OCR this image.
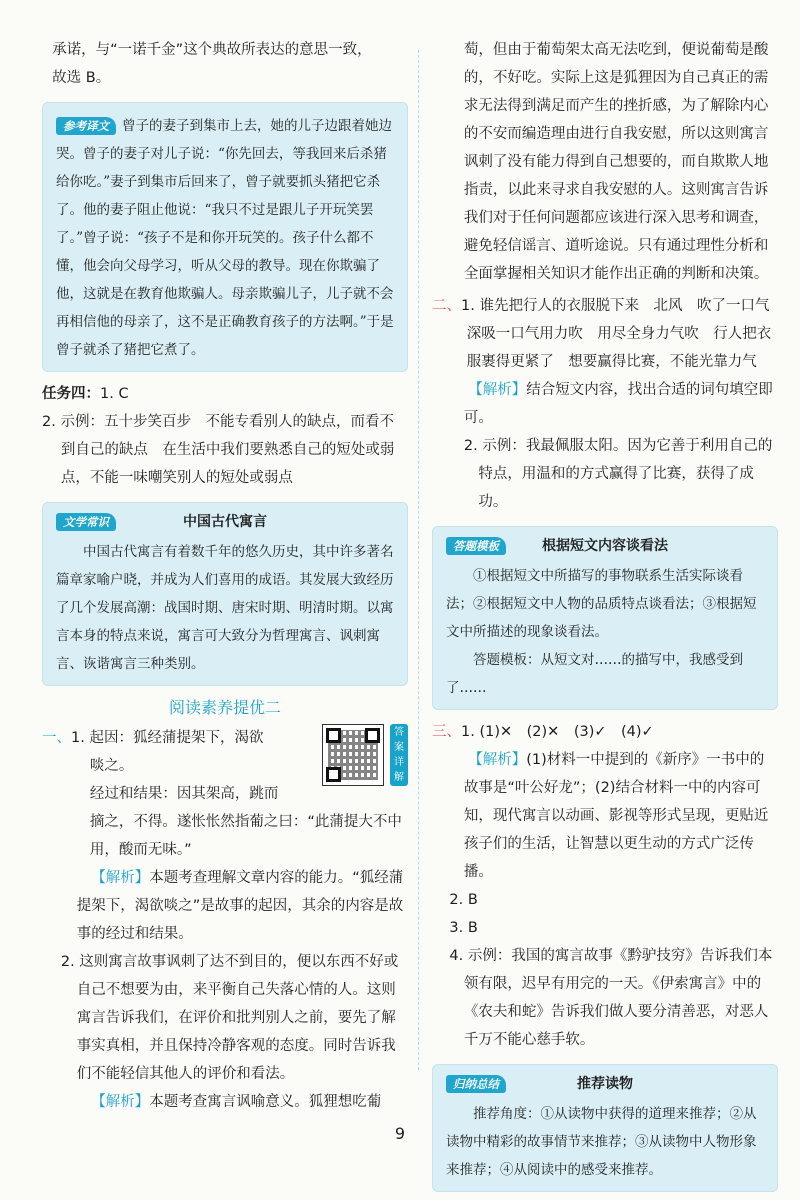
承诺，与“一诺千金”这个典故所表达的意思一致，

故选 B。

参考译文 曾子的妻子到集市上去，她的儿子边跟着她边哭。曾子的妻子对儿子说：“你先回去，等我回来后杀猪给你吃。”妻子到集市后回来了，曾子就要抓头猪把它杀了。他的妻子阻止他说：“我只不过是跟儿子开玩笑罢了。”曾子说：“孩子不是和你开玩笑的。孩子什么都不懂，他会向父母学习，听从父母的教导。现在你欺骗了他，这就是在教育他欺骗人。母亲欺骗儿子，儿子就不会再相信他的母亲了，这不是正确教育孩子的方法啊。”于是曾子就杀了猪把它煮了。

任务四：1. C

2. 示例：五十步笑百步　不能专看别人的缺点，而看不到自己的缺点　在生活中我们要熟悉自己的短处或弱点，不能一味嘲笑别人的短处或弱点

文学常识	中国古代寓言

中国古代寓言有着数千年的悠久历史，其中许多著名篇章家喻户晓，并成为人们喜用的成语。其发展大致经历了几个发展高潮：战国时期、唐宋时期、明清时期。以寓言本身的特点来说，寓言可大致分为哲理寓言、讽刺寓言、诙谐寓言三种类别。

阅读素养提优二
答
案
详
解

一、1. 起因：狐经蒲提架下，渴欲

啖之。

经过和结果：因其架高，跳而

摘之，不得。遂怅怅然指葡之曰：“此蒲提大不中用，酸而无味。”

【解析】本题考查理解文章内容的能力。“狐经蒲提架下，渴欲啖之”是故事的起因，其余的内容是故事的经过和结果。

2. 这则寓言故事讽刺了达不到目的，便以东西不好或自己不想要为由，来平衡自己失落心情的人。这则寓言告诉我们，在评价和批判别人之前，要先了解事实真相，并且保持冷静客观的态度。同时告诉我们不能轻信其他人的评价和看法。

【解析】本题考查寓言讽喻意义。狐狸想吃葡

萄，但由于葡萄架太高无法吃到，便说葡萄是酸的，不好吃。实际上这是狐狸因为自己真正的需求无法得到满足而产生的挫折感，为了解除内心的不安而编造理由进行自我安慰，所以这则寓言讽刺了没有能力得到自己想要的，而自欺欺人地指责，以此来寻求自我安慰的人。这则寓言告诉我们对于任何问题都应该进行深入思考和调查，避免轻信谣言、道听途说。只有通过理性分析和全面掌握相关知识才能作出正确的判断和决策。

二、1. 谁先把行人的衣服脱下来　北风　吹了一口气　深吸一口气用力吹　用尽全身力气吹　行人把衣服裹得更紧了　想要赢得比赛，不能光靠力气

【解析】结合短文内容，找出合适的词句填空即可。

2. 示例：我最佩服太阳。因为它善于利用自己的特点，用温和的方式赢得了比赛，获得了成功。

答题模板	根据短文内容谈看法

①根据短文中所描写的事物联系生活实际谈看法；②根据短文中人物的品质特点谈看法；③根据短文中所描述的现象谈看法。

答题模板：从短文对……的描写中，我感受到了……

三、1. (1)✕　(2)✕　(3)✓　(4)✓

【解析】(1)材料一中提到的《新序》一书中的故事是“叶公好龙”；(2)结合材料一中的内容可知，现代寓言以动画、影视等形式呈现，更贴近孩子们的生活，让智慧以更生动的方式广泛传播。

2. B

3. B

4. 示例：我国的寓言故事《黔驴技穷》告诉我们本领有限，迟早有用完的一天。《伊索寓言》中的《农夫和蛇》告诉我们做人要分清善恶，对恶人千万不能心慈手软。

归纳总结	推荐读物

推荐角度：①从读物中获得的道理来推荐；②从读物中精彩的故事情节来推荐；③从读物中人物形象来推荐；④从阅读中的感受来推荐。

9
